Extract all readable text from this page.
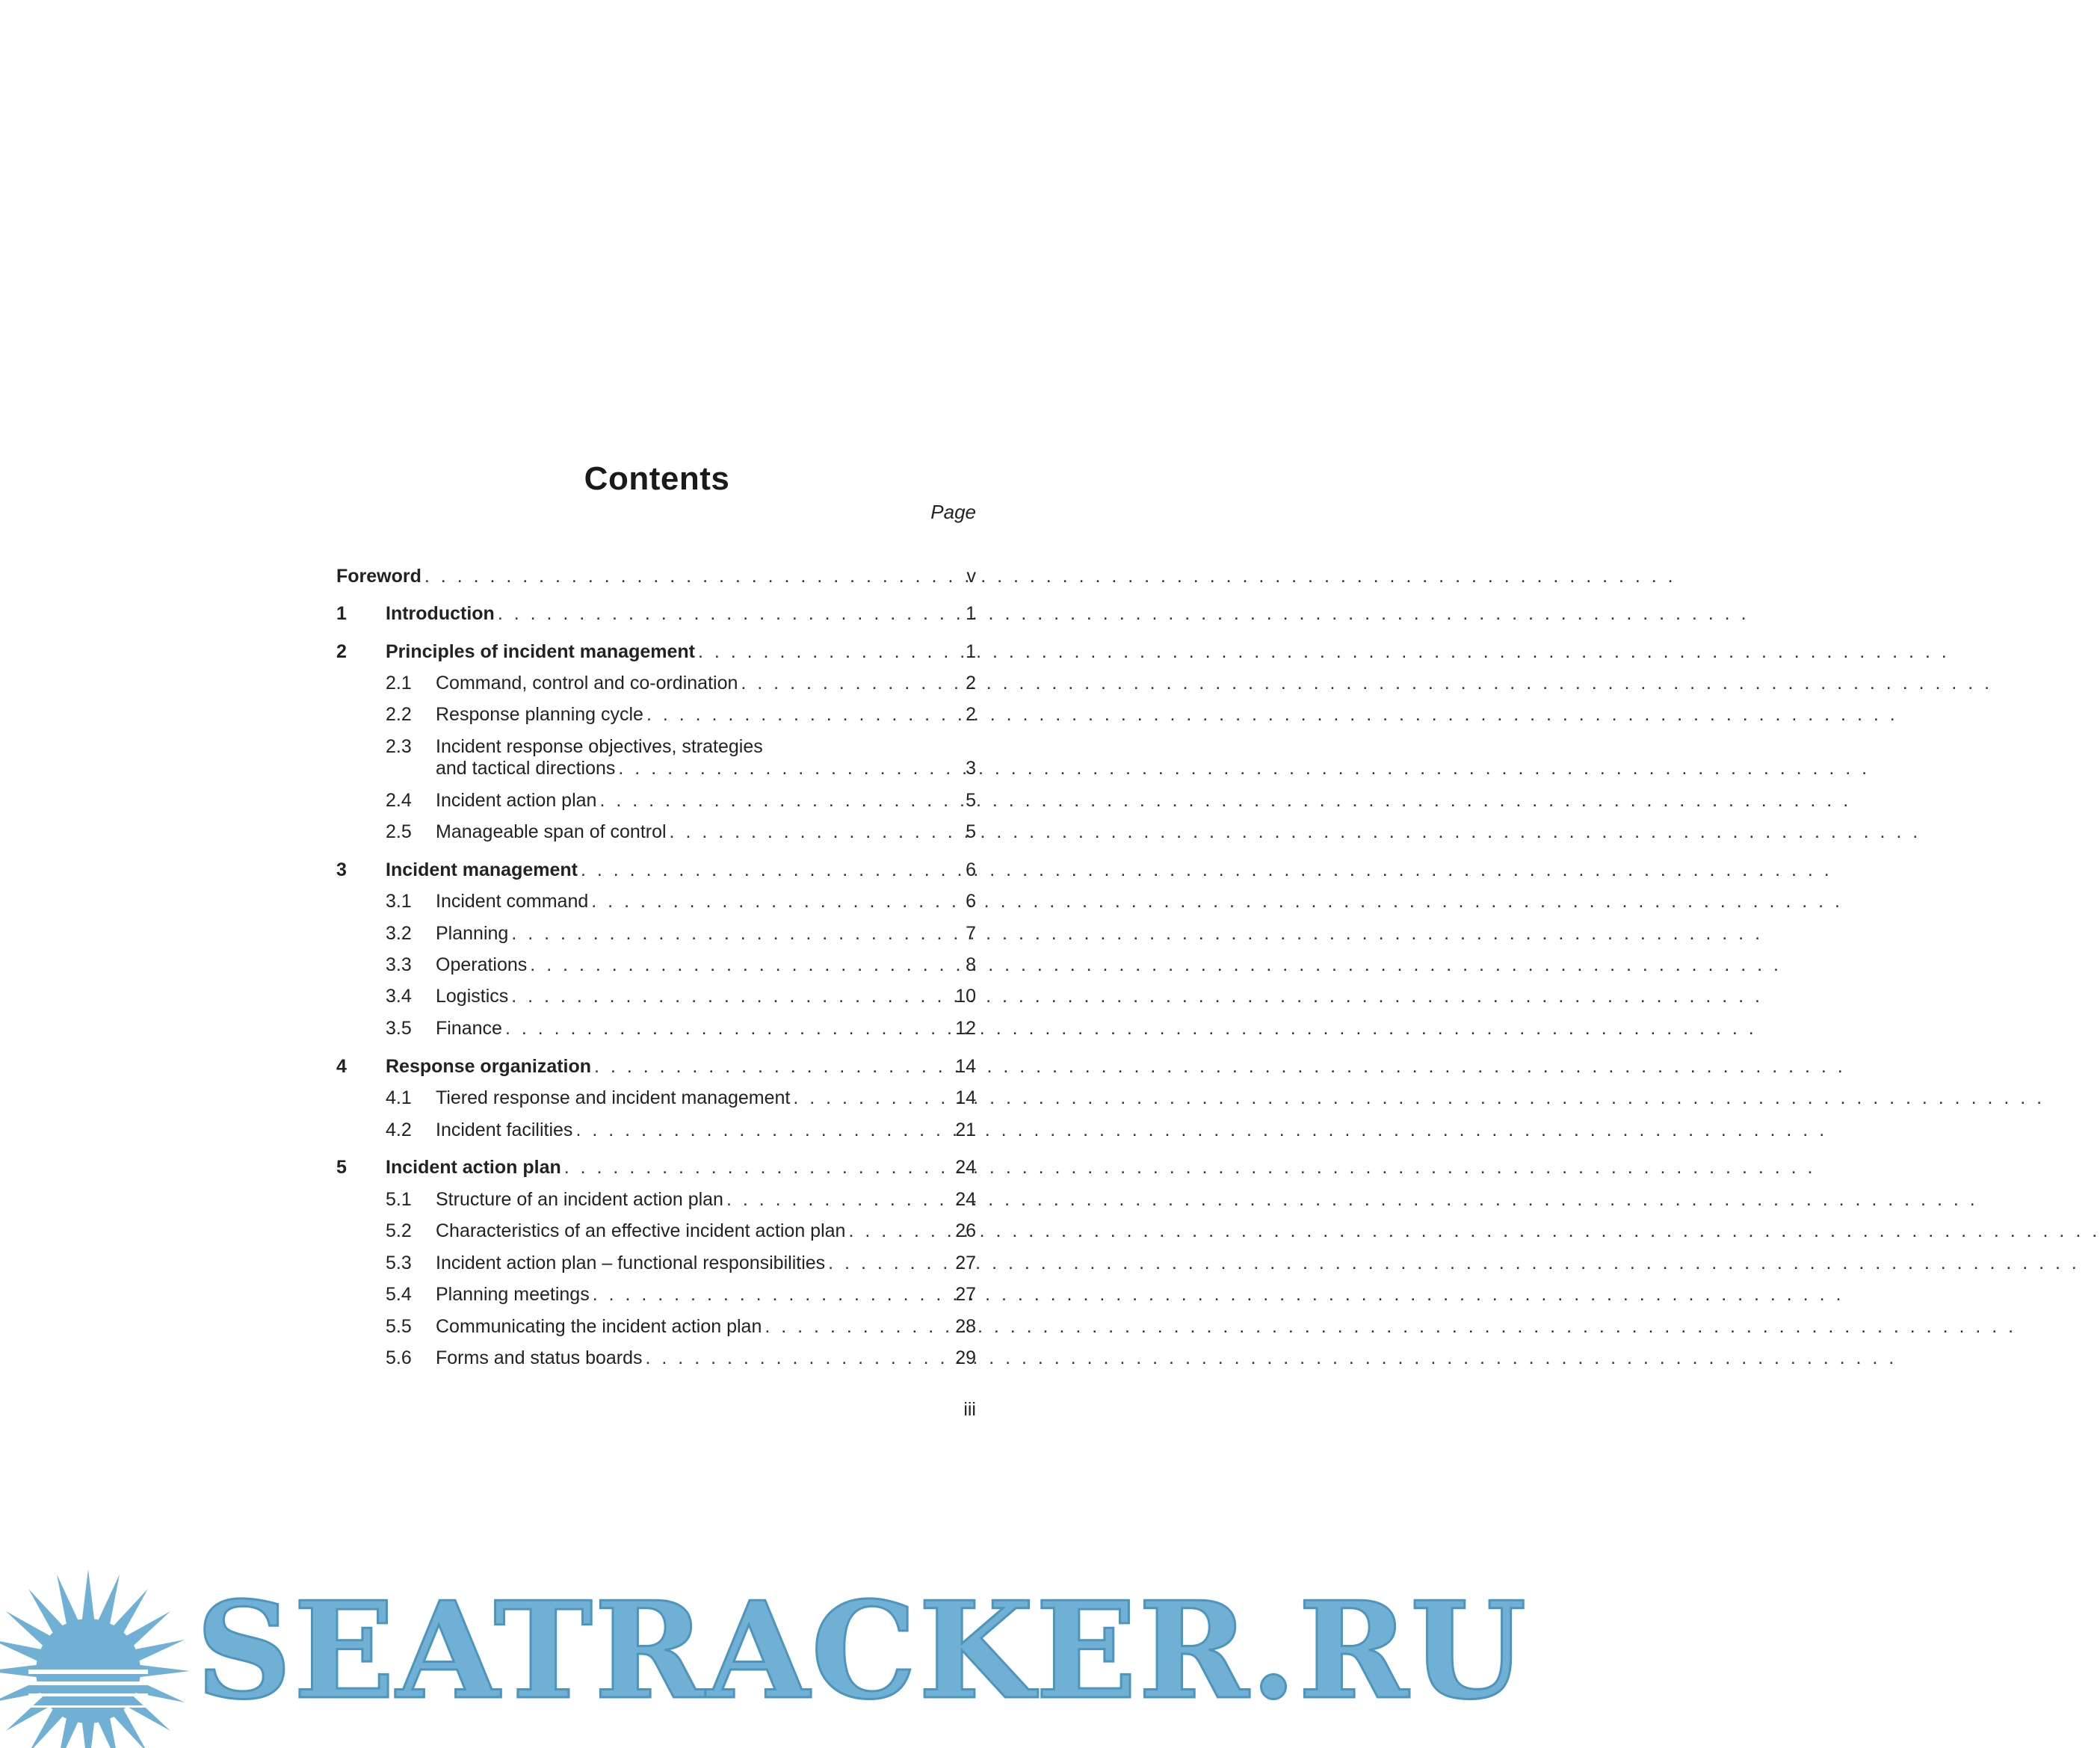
Contents
Page
Foreword . . .	v
1 Introduction . . .	1
2 Principles of incident management . . .	1
2.1 Command, control and co-ordination . . .	2
2.2 Response planning cycle . . .	2
2.3 Incident response objectives, strategies
and tactical directions . . .	3
2.4 Incident action plan . . .	5
2.5 Manageable span of control . . .	5
3 Incident management . . .	6
3.1 Incident command . . .	6
3.2 Planning . . .	7
3.3 Operations . . .	8
3.4 Logistics . . .	10
3.5 Finance . . .	12
4 Response organization . . .	14
4.1 Tiered response and incident management . . .	14
4.2 Incident facilities . . .	21
5 Incident action plan . . .	24
5.1 Structure of an incident action plan . . .	24
5.2 Characteristics of an effective incident action plan . . .	26
5.3 Incident action plan – functional responsibilities . . .	27
5.4 Planning meetings . . .	27
5.5 Communicating the incident action plan . . .	28
5.6 Forms and status boards . . .	29
iii
SEATRACKER.RU
